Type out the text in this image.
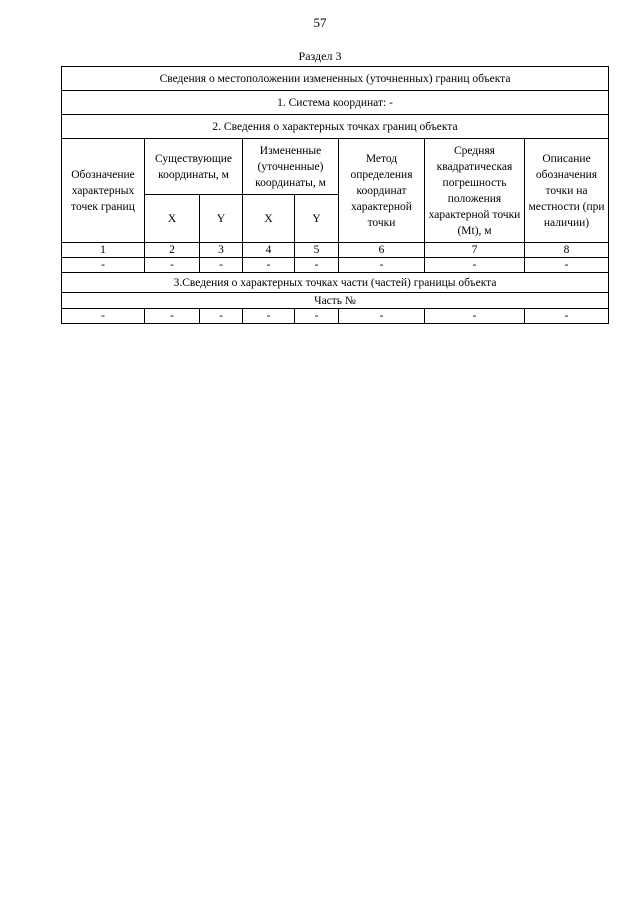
57
Раздел 3
Сведения о местоположении измененных (уточненных) границ объекта							
1. Система координат: -							
2. Сведения о характерных точках границ объекта							
Обозначение характерных точек границ	Существующие координаты, м		Измененные (уточненные) координаты, м		Метод определения координат характерной точки	Средняя квадратическая погрешность положения характерной точки (Mt), м	Описание обозначения точки на местности (при наличии)
	X	Y	X	Y			
1	2	3	4	5	6	7	8
-	-	-	-	-	-	-	-
3.Сведения о характерных точках части (частей) границы объекта							
Часть №							
-	-	-	-	-	-	-	-
